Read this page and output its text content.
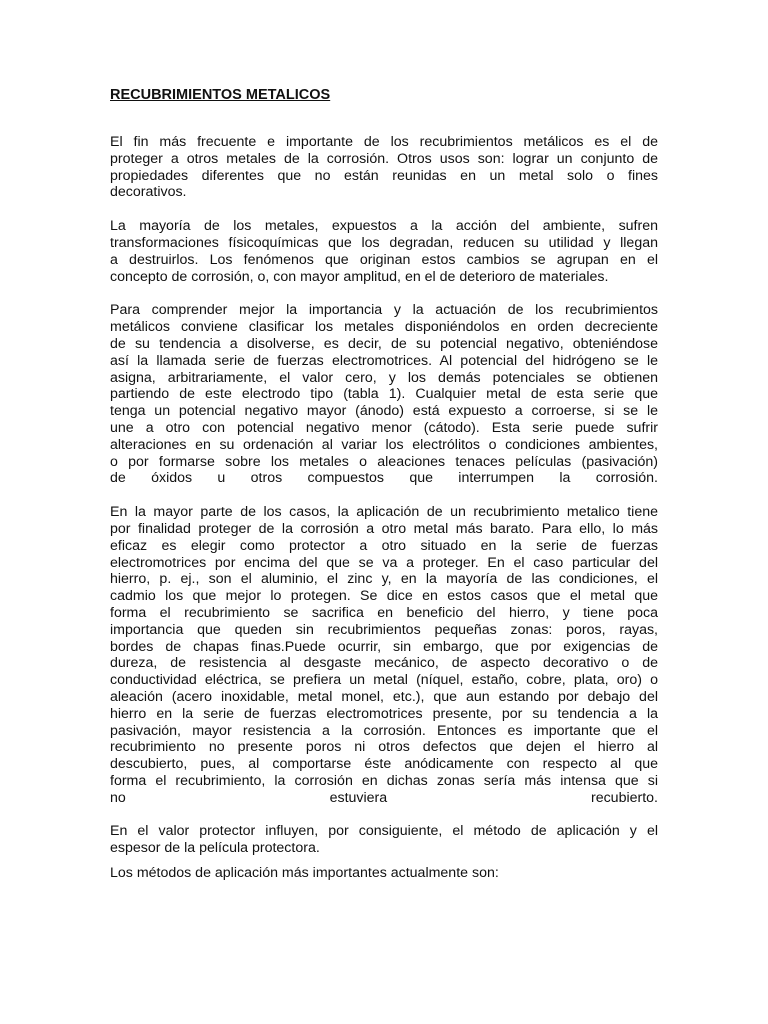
RECUBRIMIENTOS METALICOS
El fin más frecuente e importante de los recubrimientos metálicos es el de
proteger a otros metales de la corrosión. Otros usos son: lograr un conjunto de
propiedades diferentes que no están reunidas en un metal solo o fines
decorativos.
La mayoría de los metales, expuestos a la acción del ambiente, sufren
transformaciones físicoquímicas que los degradan, reducen su utilidad y llegan
a destruirlos. Los fenómenos que originan estos cambios se agrupan en el
concepto de corrosión, o, con mayor amplitud, en el de deterioro de materiales.
Para comprender mejor la importancia y la actuación de los recubrimientos
metálicos conviene clasificar los metales disponiéndolos en orden decreciente
de su tendencia a disolverse, es decir, de su potencial negativo, obteniéndose
así la llamada serie de fuerzas electromotrices. Al potencial del hidrógeno se le
asigna, arbitrariamente, el valor cero, y los demás potenciales se obtienen
partiendo de este electrodo tipo (tabla 1). Cualquier metal de esta serie que
tenga un potencial negativo mayor (ánodo) está expuesto a corroerse, si se le
une a otro con potencial negativo menor (cátodo). Esta serie puede sufrir
alteraciones en su ordenación al variar los electrólitos o condiciones ambientes,
o por formarse sobre los metales o aleaciones tenaces películas (pasivación)
de óxidos u otros compuestos que interrumpen la corrosión.
En la mayor parte de los casos, la aplicación de un recubrimiento metalico tiene
por finalidad proteger de la corrosión a otro metal más barato. Para ello, lo más
eficaz es elegir como protector a otro situado en la serie de fuerzas
electromotrices por encima del que se va a proteger. En el caso particular del
hierro, p. ej., son el aluminio, el zinc y, en la mayoría de las condiciones, el
cadmio los que mejor lo protegen. Se dice en estos casos que el metal que
forma el recubrimiento se sacrifica en beneficio del hierro, y tiene poca
importancia que queden sin recubrimientos pequeñas zonas: poros, rayas,
bordes de chapas finas.Puede ocurrir, sin embargo, que por exigencias de
dureza, de resistencia al desgaste mecánico, de aspecto decorativo o de
conductividad eléctrica, se prefiera un metal (níquel, estaño, cobre, plata, oro) o
aleación (acero inoxidable, metal monel, etc.), que aun estando por debajo del
hierro en la serie de fuerzas electromotrices presente, por su tendencia a la
pasivación, mayor resistencia a la corrosión. Entonces es importante que el
recubrimiento no presente poros ni otros defectos que dejen el hierro al
descubierto, pues, al comportarse éste anódicamente con respecto al que
forma el recubrimiento, la corrosión en dichas zonas sería más intensa que si
no estuviera recubierto.
En el valor protector influyen, por consiguiente, el método de aplicación y el
espesor de la película protectora.
Los métodos de aplicación más importantes actualmente son:
